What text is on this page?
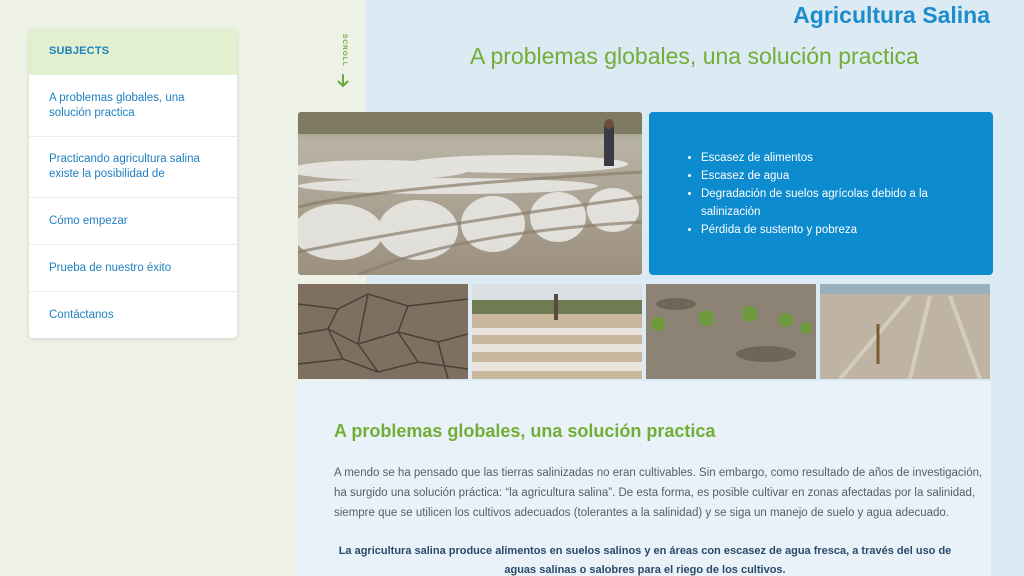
SUBJECTS
A problemas globales, una solución practica
Practicando agricultura salina existe la posibilidad de
Cómo empezar
Prueba de nuestro éxito
Contáctanos
SCROLL
Agricultura Salina
A problemas globales, una solución practica
• Escasez de alimentos
• Escasez de agua
• Degradación de suelos agrícolas debido a la salinización
• Pérdida de sustento y pobreza
A problemas globales, una solución practica

A mendo se ha pensado que las tierras salinizadas no eran cultivables. Sin embargo, como resultado de años de investigación, ha surgido una solución práctica: “la agricultura salina”. De esta forma, es posible cultivar en zonas afectadas por la salinidad, siempre que se utilicen los cultivos adecuados (tolerantes a la salinidad) y se siga un manejo de suelo y agua adecuado.

La agricultura salina produce alimentos en suelos salinos y en áreas con escasez de agua fresca, a través del uso de aguas salinas o salobres para el riego de los cultivos.
